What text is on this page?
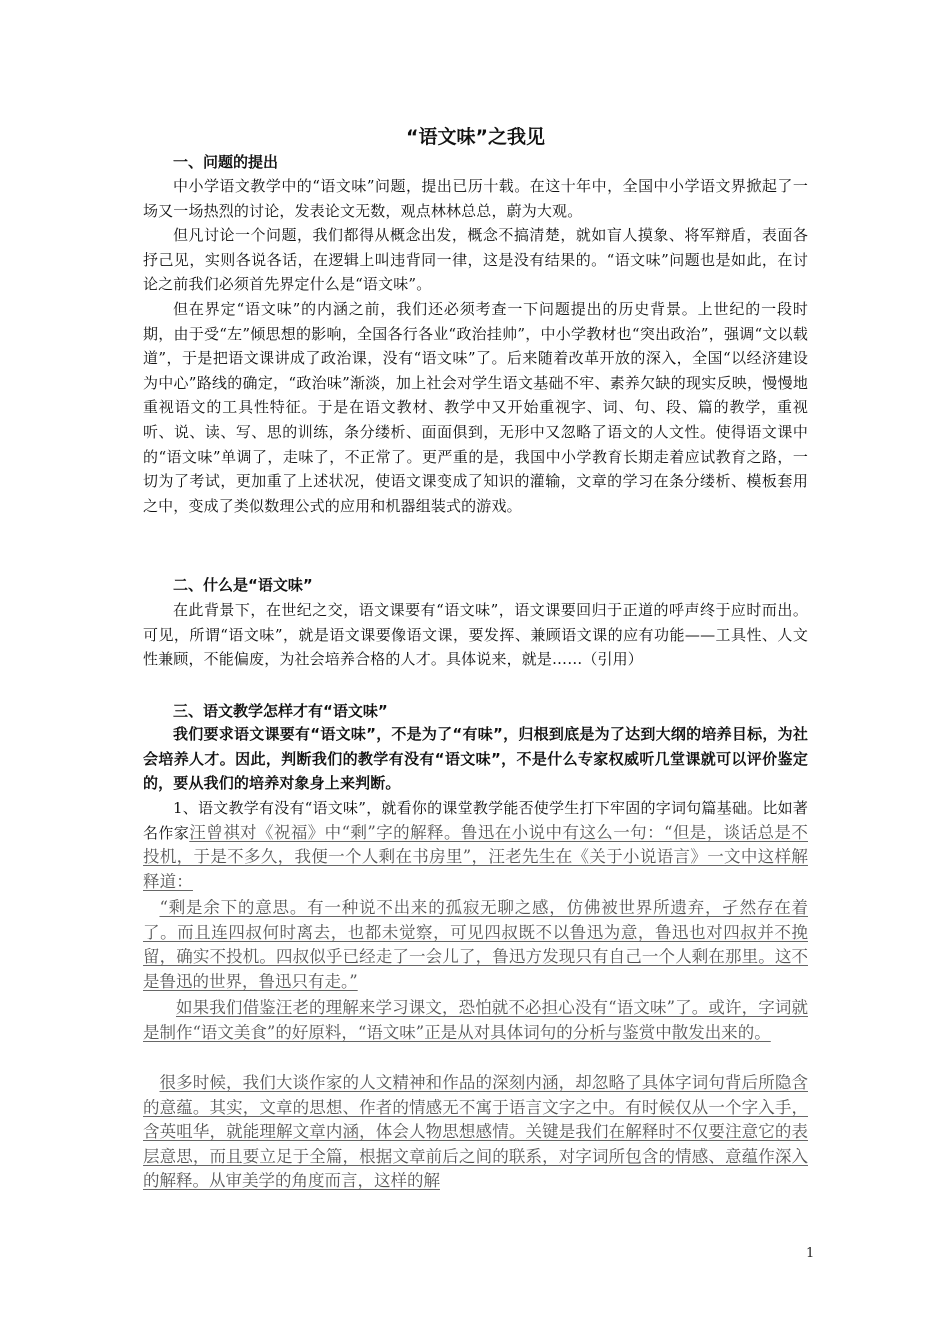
“语文味”之我见
一、问题的提出

中小学语文教学中的“语文味”问题，提出已历十载。在这十年中，全国中小学语文界掀起了一场又一场热烈的讨论，发表论文无数，观点林林总总，蔚为大观。

但凡讨论一个问题，我们都得从概念出发，概念不搞清楚，就如盲人摸象、将军辩盾，表面各抒己见，实则各说各话，在逻辑上叫违背同一律，这是没有结果的。“语文味”问题也是如此，在讨论之前我们必须首先界定什么是“语文味”。

但在界定“语文味”的内涵之前，我们还必须考查一下问题提出的历史背景。上世纪的一段时期，由于受“左”倾思想的影响，全国各行各业“政治挂帅”，中小学教材也“突出政治”，强调“文以载道”，于是把语文课讲成了政治课，没有“语文味”了。后来随着改革开放的深入，全国“以经济建设为中心”路线的确定，“政治味”渐淡，加上社会对学生语文基础不牢、素养欠缺的现实反映，慢慢地重视语文的工具性特征。于是在语文教材、教学中又开始重视字、词、句、段、篇的教学，重视听、说、读、写、思的训练，条分缕析、面面俱到，无形中又忽略了语文的人文性。使得语文课中的“语文味”单调了，走味了，不正常了。更严重的是，我国中小学教育长期走着应试教育之路，一切为了考试，更加重了上述状况，使语文课变成了知识的灌输，文章的学习在条分缕析、模板套用之中，变成了类似数理公式的应用和机器组装式的游戏。

二、什么是“语文味”

在此背景下，在世纪之交，语文课要有“语文味”，语文课要回归于正道的呼声终于应时而出。可见，所谓“语文味”，就是语文课要像语文课，要发挥、兼顾语文课的应有功能——工具性、人文性兼顾，不能偏废，为社会培养合格的人才。具体说来，就是……（引用）

三、语文教学怎样才有“语文味”

我们要求语文课要有“语文味”，不是为了“有味”，归根到底是为了达到大纲的培养目标，为社会培养人才。因此，判断我们的教学有没有“语文味”，不是什么专家权威听几堂课就可以评价鉴定的，要从我们的培养对象身上来判断。

1、语文教学有没有“语文味”，就看你的课堂教学能否使学生打下牢固的字词句篇基础。比如著名作家汪曾祺对《祝福》中“剩”字的解释。鲁迅在小说中有这么一句：“但是，谈话总是不投机，于是不多久，我便一个人剩在书房里”，汪老先生在《关于小说语言》一文中这样解释道：

“剩是余下的意思。有一种说不出来的孤寂无聊之感，仿佛被世界所遗弃，孑然存在着了。而且连四叔何时离去，也都未觉察，可见四叔既不以鲁迅为意，鲁迅也对四叔并不挽留，确实不投机。四叔似乎已经走了一会儿了，鲁迅方发现只有自己一个人剩在那里。这不是鲁迅的世界，鲁迅只有走。”

如果我们借鉴汪老的理解来学习课文，恐怕就不必担心没有“语文味”了。或许，字词就是制作“语文美食”的好原料，“语文味”正是从对具体词句的分析与鉴赏中散发出来的。

很多时候，我们大谈作家的人文精神和作品的深刻内涵，却忽略了具体字词句背后所隐含的意蕴。其实，文章的思想、作者的情感无不寓于语言文字之中。有时候仅从一个字入手，含英咀华，就能理解文章内涵，体会人物思想感情。关键是我们在解释时不仅要注意它的表层意思，而且要立足于全篇，根据文章前后之间的联系，对字词所包含的情感、意蕴作深入的解释。从审美学的角度而言，这样的解

1
